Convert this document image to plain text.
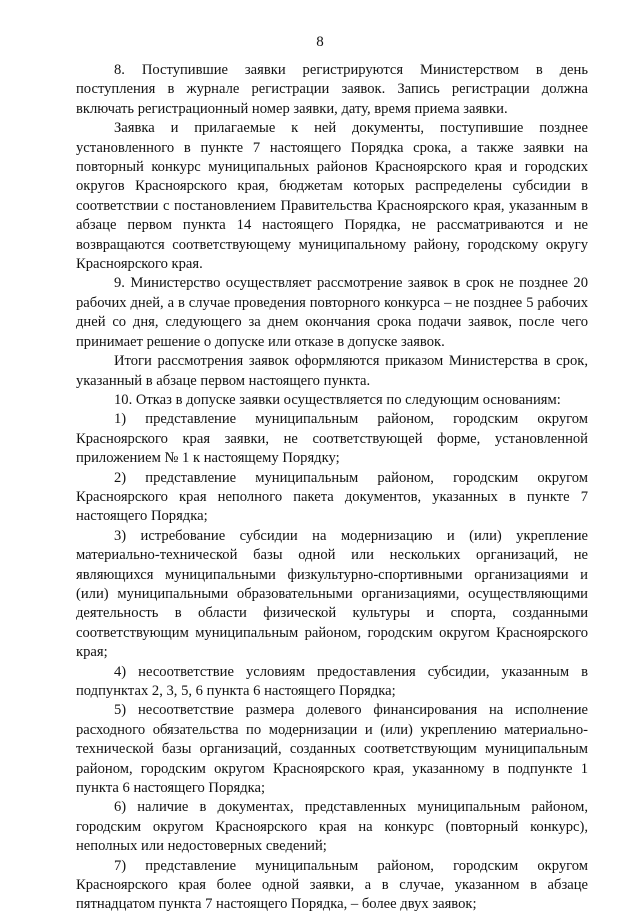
8

8. Поступившие заявки регистрируются Министерством в день поступления в журнале регистрации заявок. Запись регистрации должна включать регистрационный номер заявки, дату, время приема заявки.

Заявка и прилагаемые к ней документы, поступившие позднее установленного в пункте 7 настоящего Порядка срока, а также заявки на повторный конкурс муниципальных районов Красноярского края и городских округов Красноярского края, бюджетам которых распределены субсидии в соответствии с постановлением Правительства Красноярского края, указанным в абзаце первом пункта 14 настоящего Порядка, не рассматриваются и не возвращаются соответствующему муниципальному району, городскому округу Красноярского края.

9. Министерство осуществляет рассмотрение заявок в срок не позднее 20 рабочих дней, а в случае проведения повторного конкурса – не позднее 5 рабочих дней со дня, следующего за днем окончания срока подачи заявок, после чего принимает решение о допуске или отказе в допуске заявок.

Итоги рассмотрения заявок оформляются приказом Министерства в срок, указанный в абзаце первом настоящего пункта.

10. Отказ в допуске заявки осуществляется по следующим основаниям:

1) представление муниципальным районом, городским округом Красноярского края заявки, не соответствующей форме, установленной приложением № 1 к настоящему Порядку;

2) представление муниципальным районом, городским округом Красноярского края неполного пакета документов, указанных в пункте 7 настоящего Порядка;

3) истребование субсидии на модернизацию и (или) укрепление материально-технической базы одной или нескольких организаций, не являющихся муниципальными физкультурно-спортивными организациями и (или) муниципальными образовательными организациями, осуществляющими деятельность в области физической культуры и спорта, созданными соответствующим муниципальным районом, городским округом Красноярского края;

4) несоответствие условиям предоставления субсидии, указанным в подпунктах 2, 3, 5, 6 пункта 6 настоящего Порядка;

5) несоответствие размера долевого финансирования на исполнение расходного обязательства по модернизации и (или) укреплению материально-технической базы организаций, созданных соответствующим муниципальным районом, городским округом Красноярского края, указанному в подпункте 1 пункта 6 настоящего Порядка;

6) наличие в документах, представленных муниципальным районом, городским округом Красноярского края на конкурс (повторный конкурс), неполных или недостоверных сведений;

7) представление муниципальным районом, городским округом Красноярского края более одной заявки, а в случае, указанном в абзаце пятнадцатом пункта 7 настоящего Порядка, – более двух заявок;
